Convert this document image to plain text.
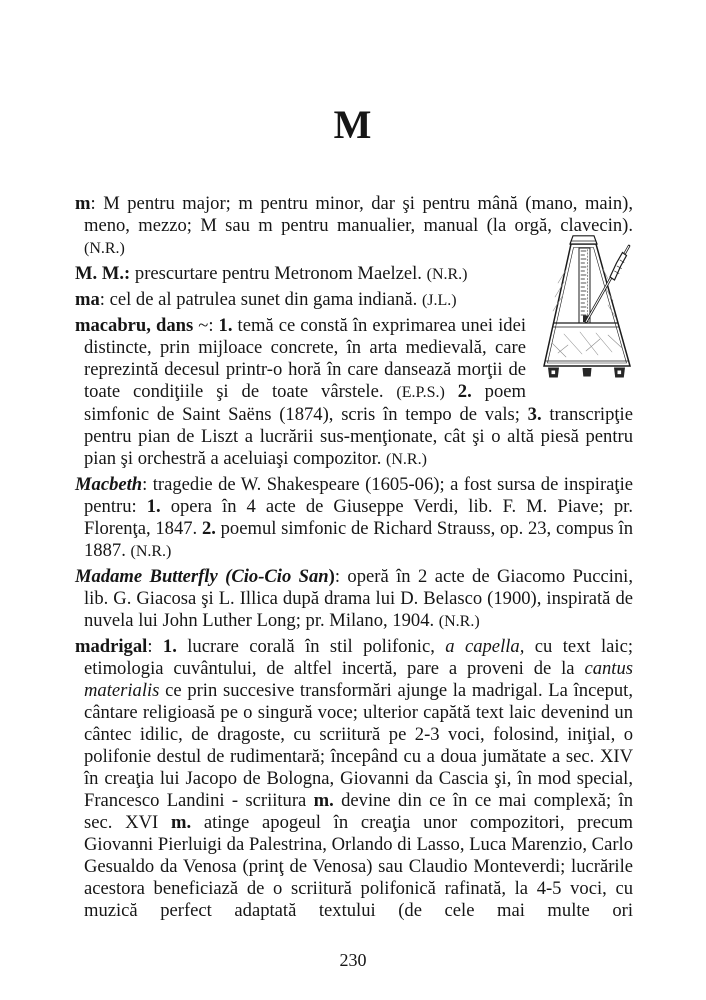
M

m: M pentru major; m pentru minor, dar şi pentru mână (mano, main), meno, mezzo; M sau m pentru manualier, manual (la orgă, clavecin). (N.R.)

M. M.: prescurtare pentru Metronom Maelzel. (N.R.)

ma: cel de al patrulea sunet din gama indiană. (J.L.)

macabru, dans ~: 1. temă ce constă în exprimarea unei idei distincte, prin mijloace concrete, în arta medievală, care reprezintă decesul printr-o horă în care dansează morţii de toate condiţiile şi de toate vârstele. (E.P.S.) 2. poem simfonic de Saint Saëns (1874), scris în tempo de vals; 3. transcripţie pentru pian de Liszt a lucrării sus-menţionate, cât şi o altă piesă pentru pian şi orchestră a aceluiaşi compozitor. (N.R.)

Macbeth: tragedie de W. Shakespeare (1605-06); a fost sursa de inspiraţie pentru: 1. opera în 4 acte de Giuseppe Verdi, lib. F. M. Piave; pr. Florenţa, 1847. 2. poemul simfonic de Richard Strauss, op. 23, compus în 1887. (N.R.)

Madame Butterfly (Cio-Cio San): operă în 2 acte de Giacomo Puccini, lib. G. Giacosa şi L. Illica după drama lui D. Belasco (1900), inspirată de nuvela lui John Luther Long; pr. Milano, 1904. (N.R.)

madrigal: 1. lucrare corală în stil polifonic, a capella, cu text laic; etimologia cuvântului, de altfel incertă, pare a proveni de la cantus materialis ce prin succesive transformări ajunge la madrigal. La început, cântare religioasă pe o singură voce; ulterior capătă text laic devenind un cântec idilic, de dragoste, cu scriitură pe 2-3 voci, folosind, iniţial, o polifonie destul de rudimentară; începând cu a doua jumătate a sec. XIV în creaţia lui Jacopo de Bologna, Giovanni da Cascia şi, în mod special, Francesco Landini - scriitura m. devine din ce în ce mai complexă; în sec. XVI m. atinge apogeul în creaţia unor compozitori, precum Giovanni Pierluigi da Palestrina, Orlando di Lasso, Luca Marenzio, Carlo Gesualdo da Venosa (prinţ de Venosa) sau Claudio Monteverdi; lucrările acestora beneficiază de o scriitură polifonică rafinată, la 4-5 voci, cu muzică perfect adaptată textului (de cele mai multe ori

230
